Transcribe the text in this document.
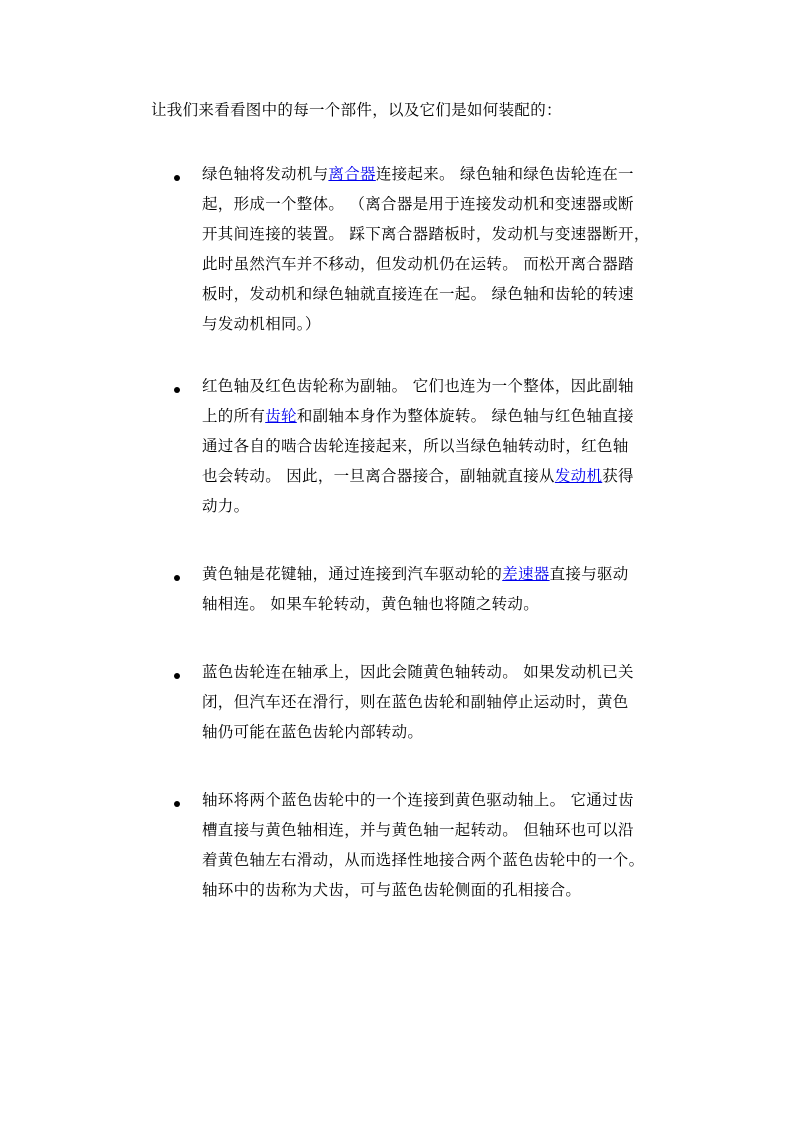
让我们来看看图中的每一个部件，以及它们是如何装配的：
绿色轴将发动机与离合器连接起来。 绿色轴和绿色齿轮连在一
起，形成一个整体。 （离合器是用于连接发动机和变速器或断
开其间连接的装置。 踩下离合器踏板时，发动机与变速器断开，
此时虽然汽车并不移动，但发动机仍在运转。 而松开离合器踏
板时，发动机和绿色轴就直接连在一起。 绿色轴和齿轮的转速
与发动机相同。）
红色轴及红色齿轮称为副轴。 它们也连为一个整体，因此副轴
上的所有齿轮和副轴本身作为整体旋转。 绿色轴与红色轴直接
通过各自的啮合齿轮连接起来，所以当绿色轴转动时，红色轴
也会转动。 因此，一旦离合器接合，副轴就直接从发动机获得
动力。
黄色轴是花键轴，通过连接到汽车驱动轮的差速器直接与驱动
轴相连。 如果车轮转动，黄色轴也将随之转动。
蓝色齿轮连在轴承上，因此会随黄色轴转动。 如果发动机已关
闭，但汽车还在滑行，则在蓝色齿轮和副轴停止运动时，黄色
轴仍可能在蓝色齿轮内部转动。
轴环将两个蓝色齿轮中的一个连接到黄色驱动轴上。 它通过齿
槽直接与黄色轴相连，并与黄色轴一起转动。 但轴环也可以沿
着黄色轴左右滑动，从而选择性地接合两个蓝色齿轮中的一个。
轴环中的齿称为犬齿，可与蓝色齿轮侧面的孔相接合。
